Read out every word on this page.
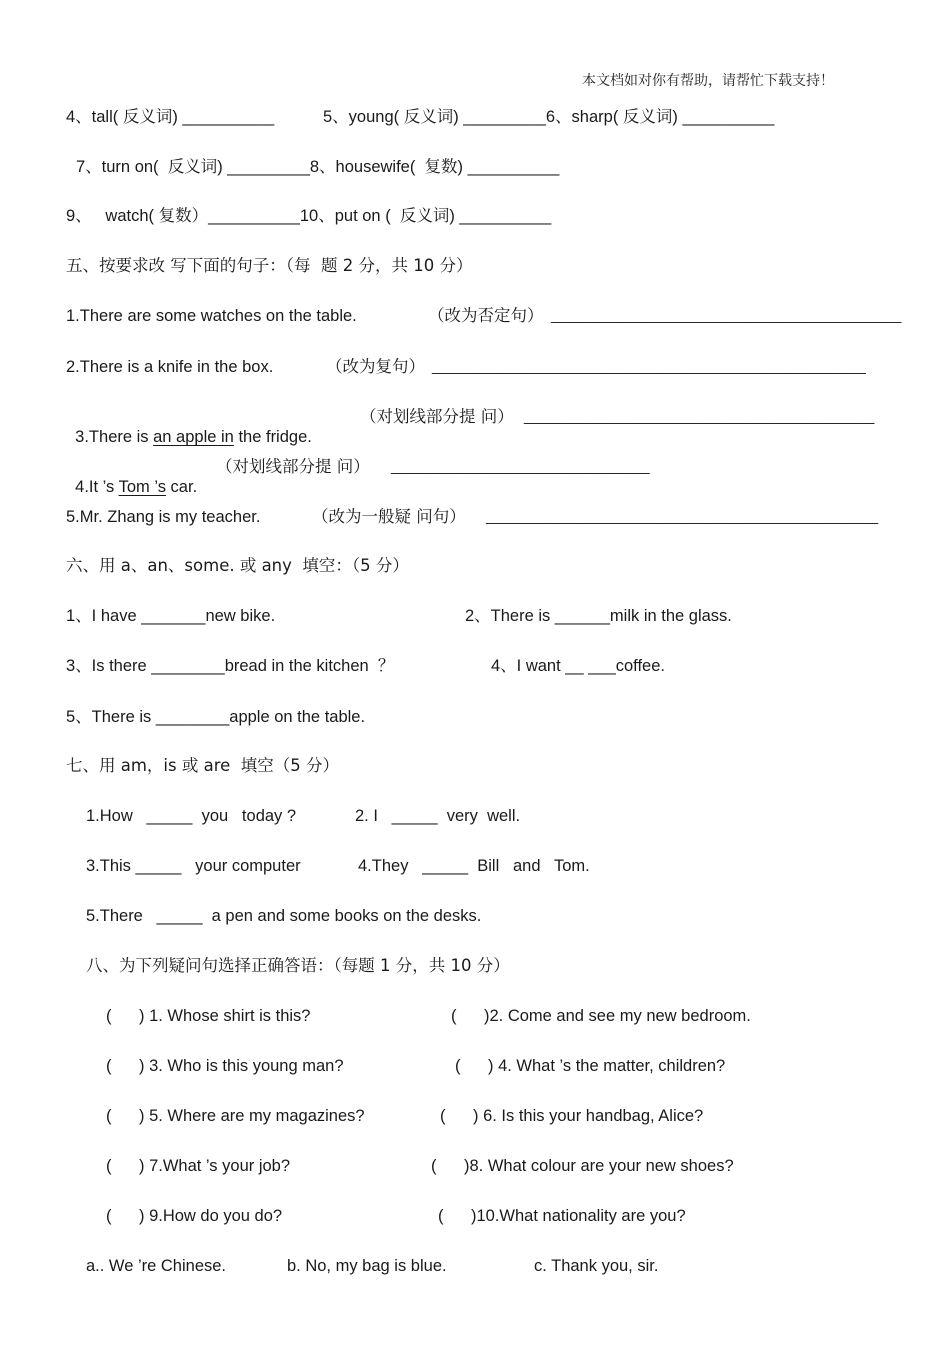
本文档如对你有帮助，请帮忙下载支持！
4、tall( 反义词) __________	5、young( 反义词) _________6、sharp( 反义词) __________
7、turn on(  反义词) _________8、housewife(  复数) __________
9、   watch( 复数）__________10、put on (  反义词) __________
五、按要求改 写下面的句子：（每  题 2 分，共 10 分）
1.There are some watches on the table.	（改为否定句） __________________________________________
2.There is a knife in the box.	（改为复句） ____________________________________________________

3.There is an apple in the fridge.

（对划线部分提 问） __________________________________________

4.It ’s Tom ’s car.

（对划线部分提 问） _______________________________
5.Mr. Zhang is my teacher.	（改为一般疑 问句） _______________________________________________
六、用 a、an、some. 或 any  填空：（5 分）
1、I have _______new bike.	2、There is ______milk in the glass.
3、Is there ________bread in the kitchen  ？	4、I want __ ___coffee.
5、There is ________apple on the table.
七、用 am，is 或 are  填空（5 分）
1.How   _____  you   today ?	2. I   _____  very  well.
3.This _____   your computer	4.They   _____  Bill   and   Tom.
5.There   _____  a pen and some books on the desks.
八、为下列疑问句选择正确答语：（每题 1 分，共 10 分）
(      ) 1. Whose shirt is this?	(      )2. Come and see my new bedroom.
(      ) 3. Who is this young man?	(      ) 4. What ’s the matter, children?
(      ) 5. Where are my magazines?	(      ) 6. Is this your handbag, Alice?
(      ) 7.What ’s your job?	(      )8. What colour are your new shoes?
(      ) 9.How do you do?	(      )10.What nationality are you?
a.. We ’re Chinese.	b. No, my bag is blue.	c. Thank you, sir.
